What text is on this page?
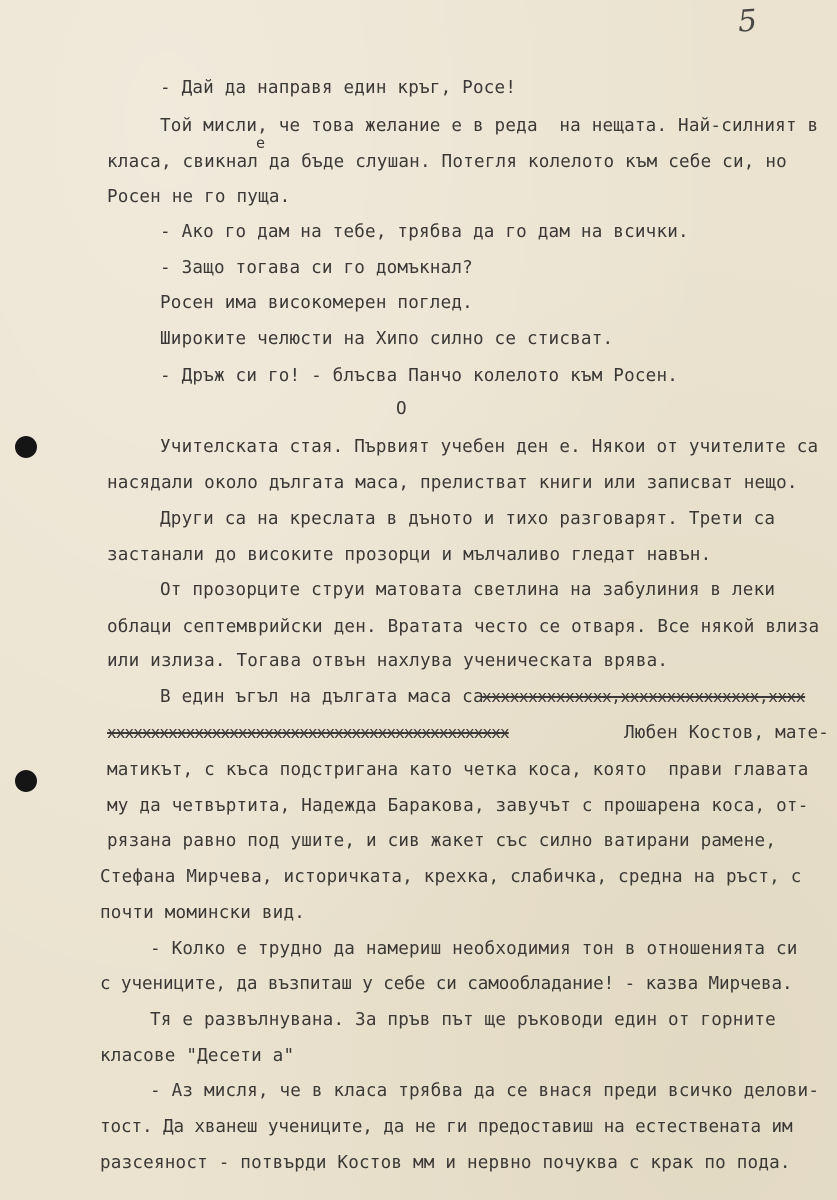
5
- Дай да направя един кръг, Росе!
Той мисли, че това желание е в реда  на нещата. Най-силният в
е
класа, свикнал да бъде слушан. Потегля колелото към себе си, но
Росен не го пуща.
- Ако го дам на тебе, трябва да го дам на всички.
- Защо тогава си го домъкнал?
Росен има високомерен поглед.
Широките челюсти на Хипо силно се стисват.
- Дръж си го! - блъсва Панчо колелото към Росен.
О
Учителската стая. Първият учебен ден е. Някои от учителите са
насядали около дългата маса, прелистват книги или записват нещо.
Други са на креслата в дъното и тихо разговарят. Трети са
застанали до високите прозорци и мълчаливо гледат навън.
От прозорците струи матовата светлина на забулиния в леки
облаци септемврийски ден. Вратата често се отваря. Все някой влиза
или излиза. Тогава отвън нахлува ученическата врява.
В един ъгъл на дългата маса са
xxxxxxxxxxxxxx,xxxxxxxxxxxxxxx,xxxx
xxxxxxxxxxxxxxxxxxxxxxxxxxxxxxxxxxxxxxxxxxxxxx	Любен Костов, мате-
матикът, с къса подстригана като четка коса, която  прави главата
му да четвъртита, Надежда Баракова, завучът с прошарена коса, от-
рязана равно под ушите, и сив жакет със силно ватирани рамене,
Стефана Мирчева, историчката, крехка, слабичка, средна на ръст, с
почти момински вид.
- Колко е трудно да намериш необходимия тон в отношенията си
с учениците, да възпиташ у себе си самообладание! - казва Мирчева.
Тя е развълнувана. За пръв път ще ръководи един от горните
класове "Десети а"
- Аз мисля, че в класа трябва да се внася преди всичко делови-
тост. Да хванеш учениците, да не ги предоставиш на естествената им
разсеяност - потвърди Костов мм и нервно почуква с крак по пода.
